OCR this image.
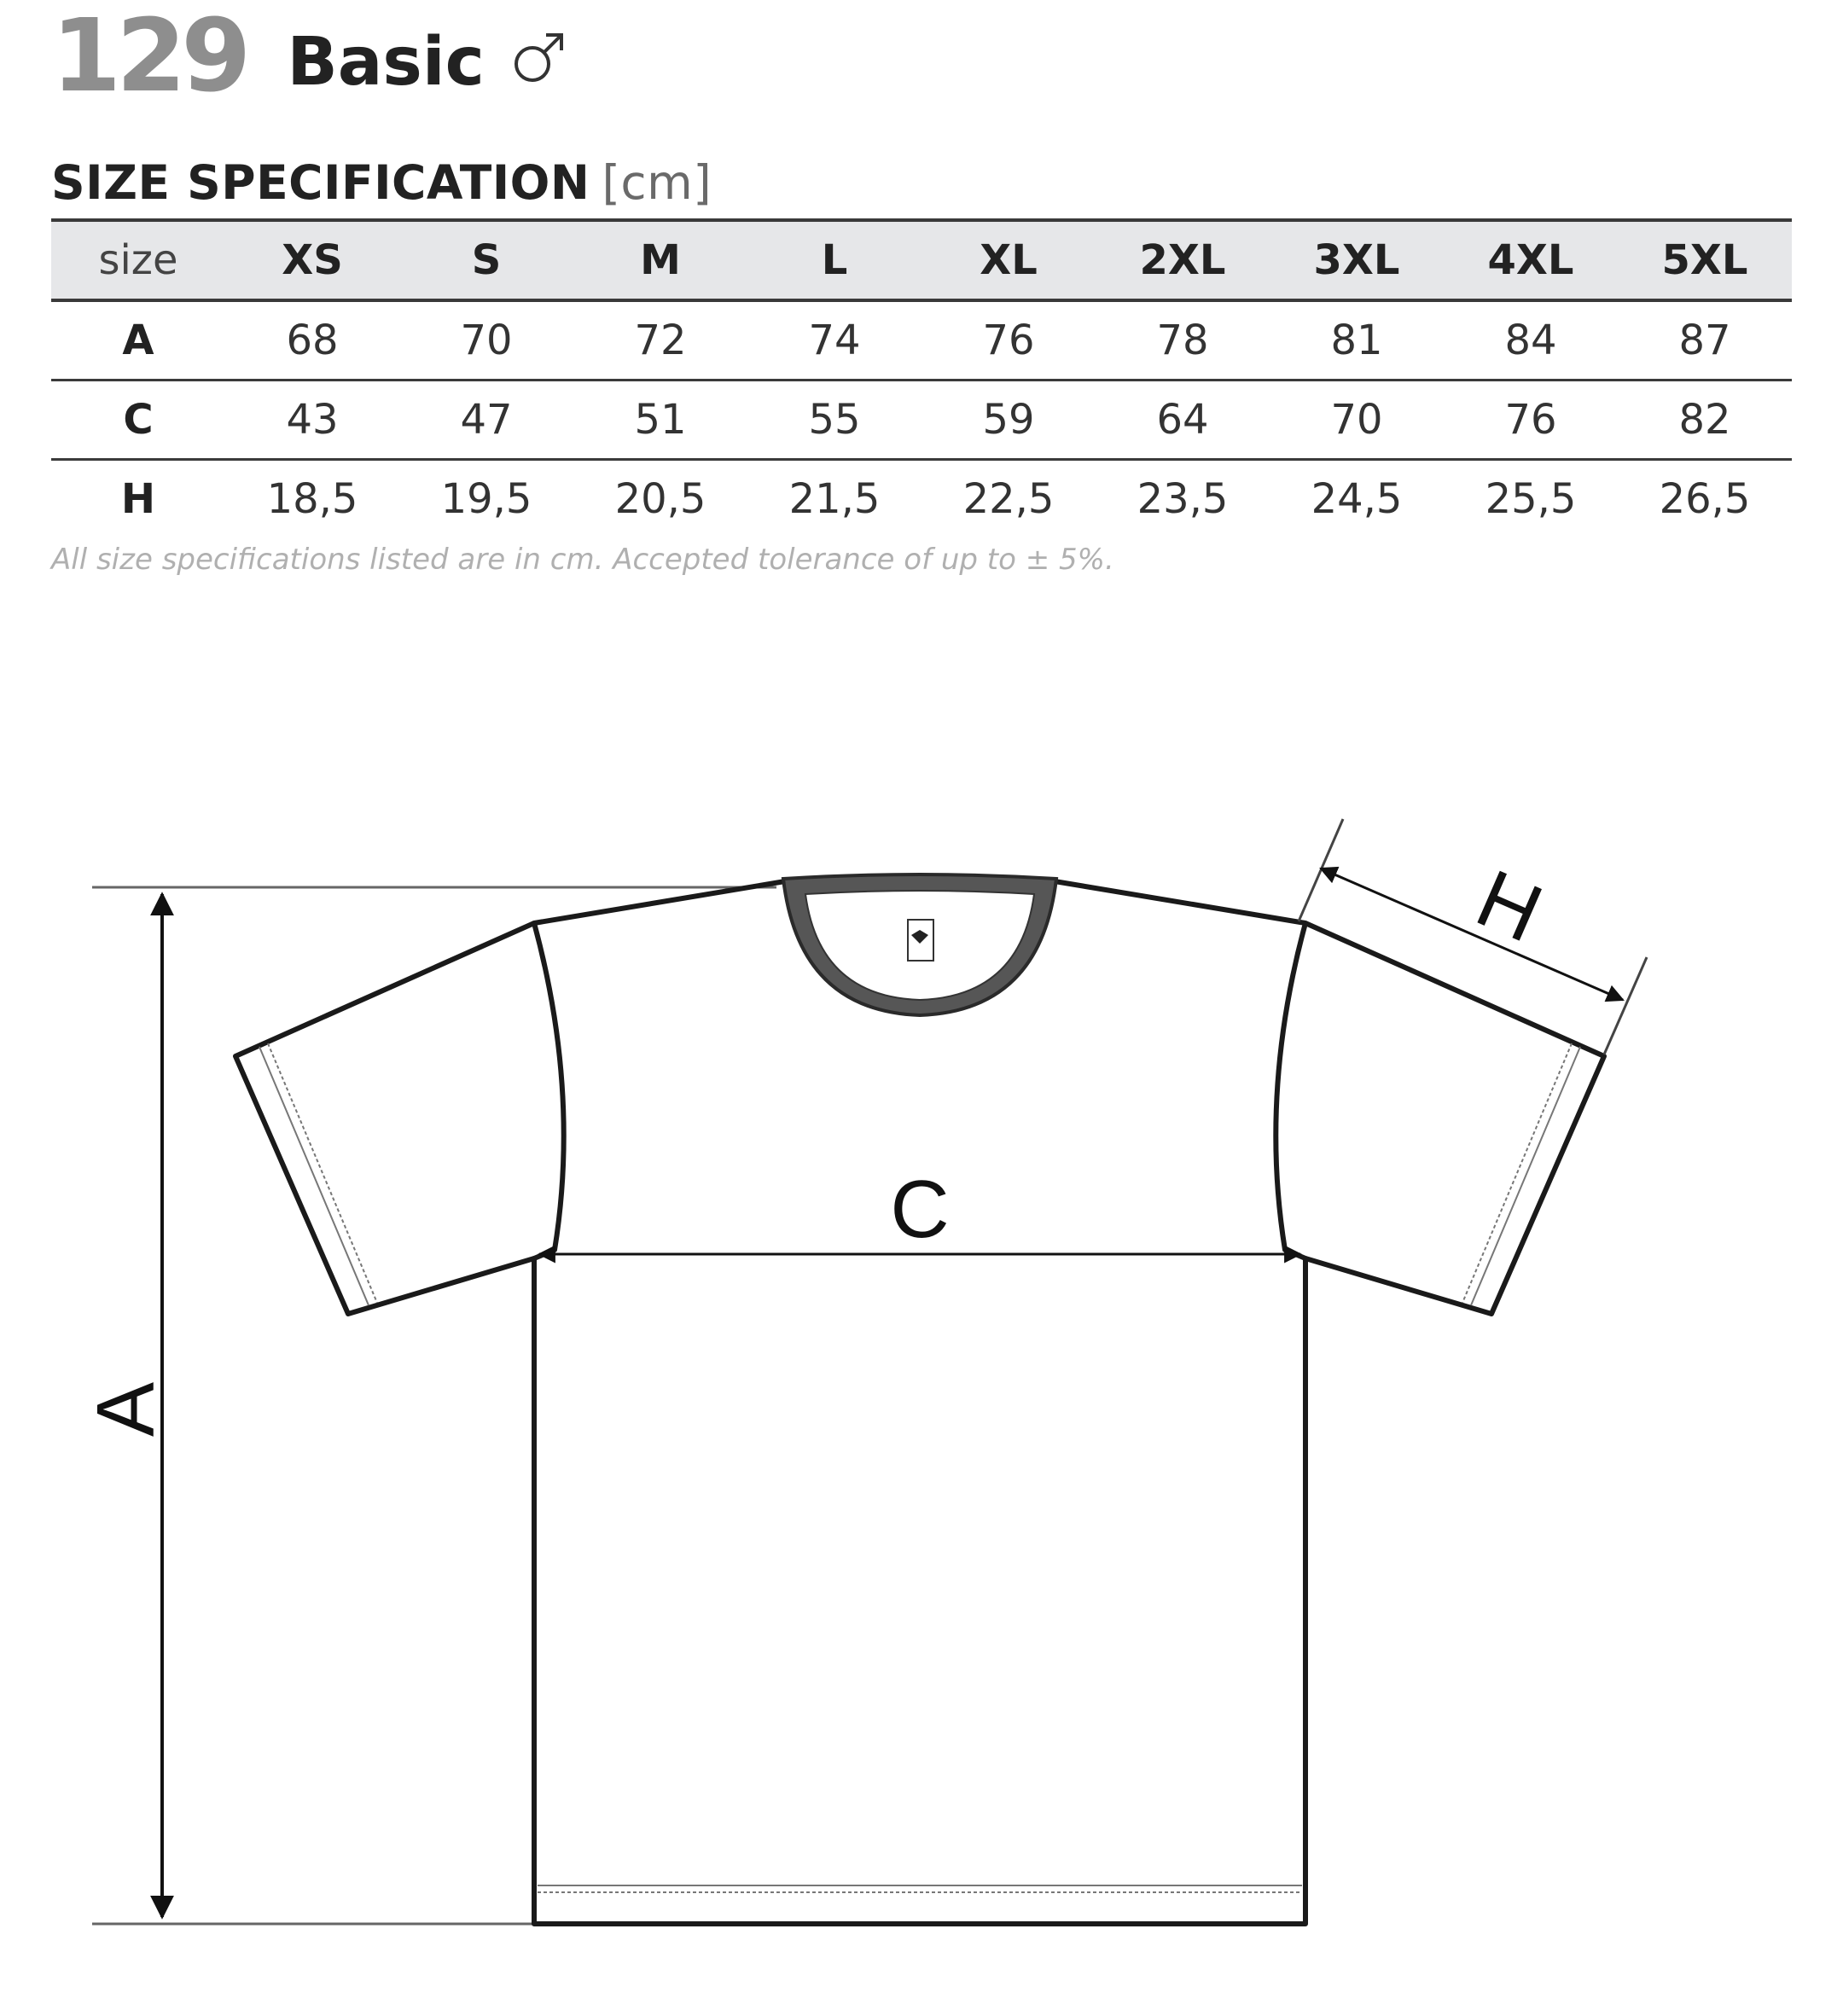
129 Basic
SIZE SPECIFICATION [cm]
size	XS	S	M	L	XL	2XL	3XL	4XL	5XL
A	68	70	72	74	76	78	81	84	87
C	43	47	51	55	59	64	70	76	82
H	18,5	19,5	20,5	21,5	22,5	23,5	24,5	25,5	26,5
All size specifications listed are in cm. Accepted tolerance of up to ± 5%.
A
C
H
